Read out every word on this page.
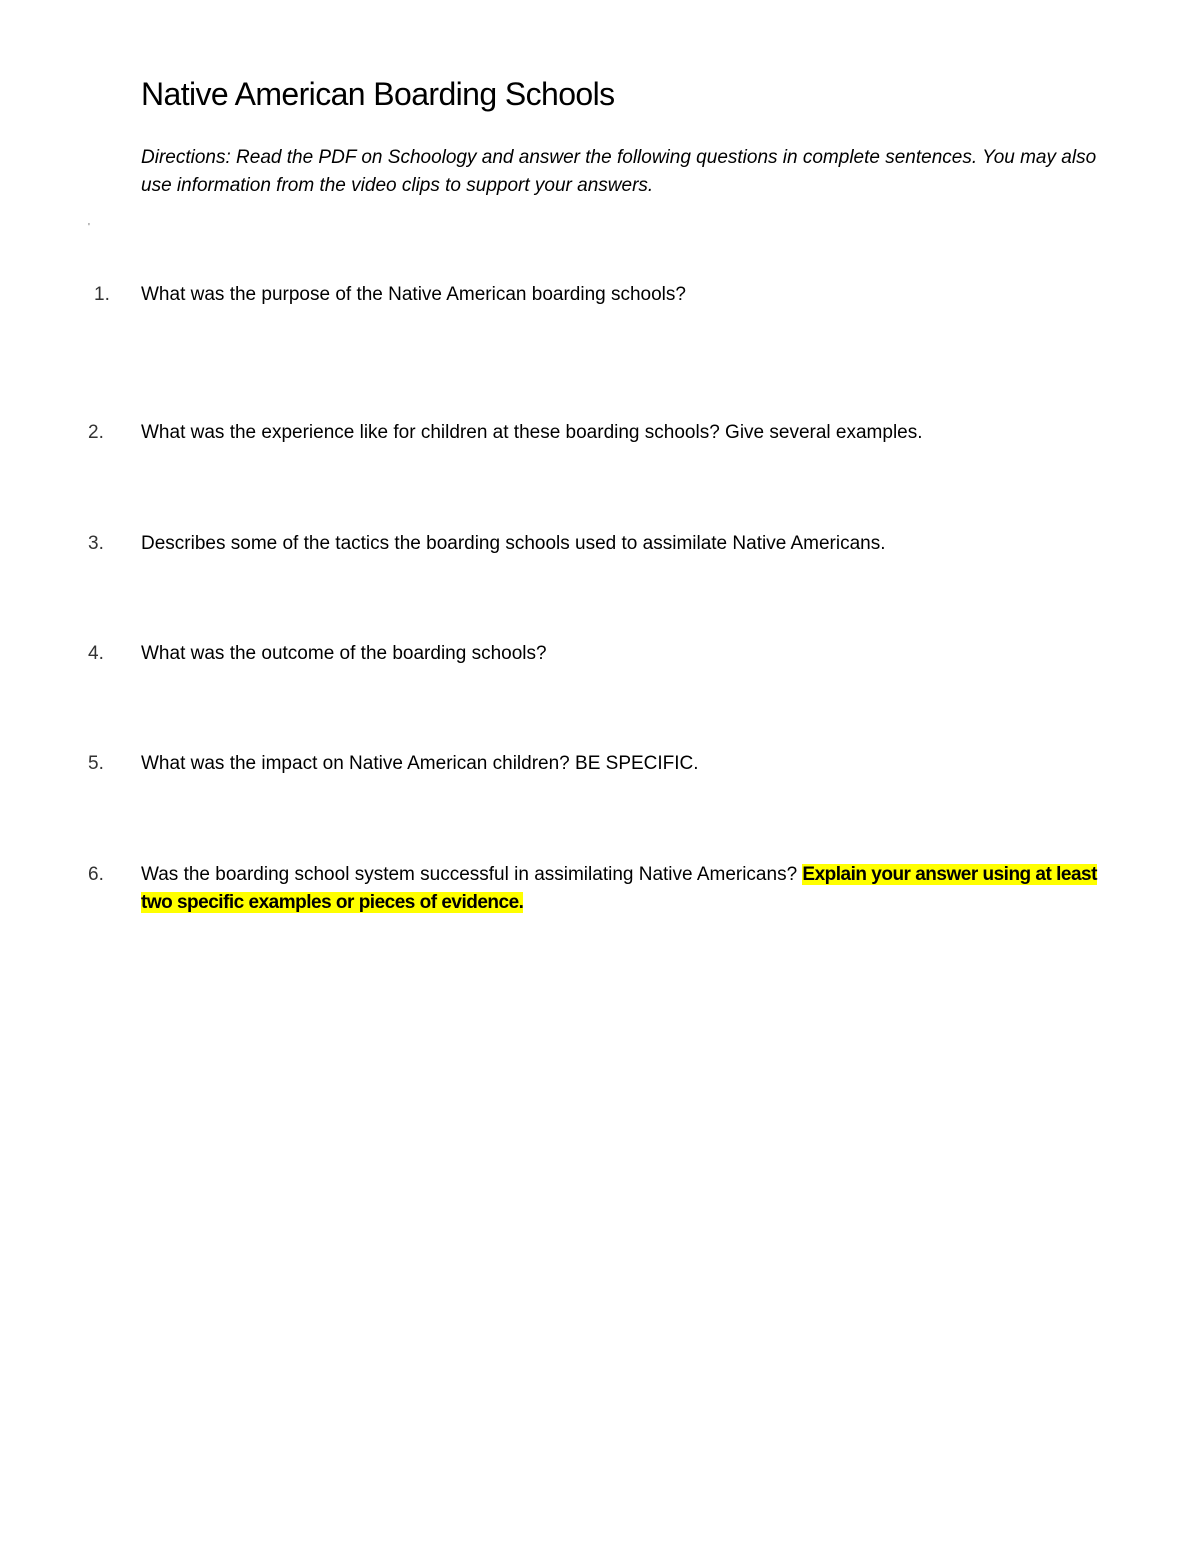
Native American Boarding Schools

Directions: Read the PDF on Schoology and answer the following questions in complete sentences. You may also use information from the video clips to support your answers.

'
1.	What was the purpose of the Native American boarding schools?
2.	What was the experience like for children at these boarding schools? Give several examples.
3.	Describes some of the tactics the boarding schools used to assimilate Native Americans.
4.	What was the outcome of the boarding schools?
5.	What was the impact on Native American children? BE SPECIFIC.
6.	Was the boarding school system successful in assimilating Native Americans? Explain your answer using at least two specific examples or pieces of evidence.
